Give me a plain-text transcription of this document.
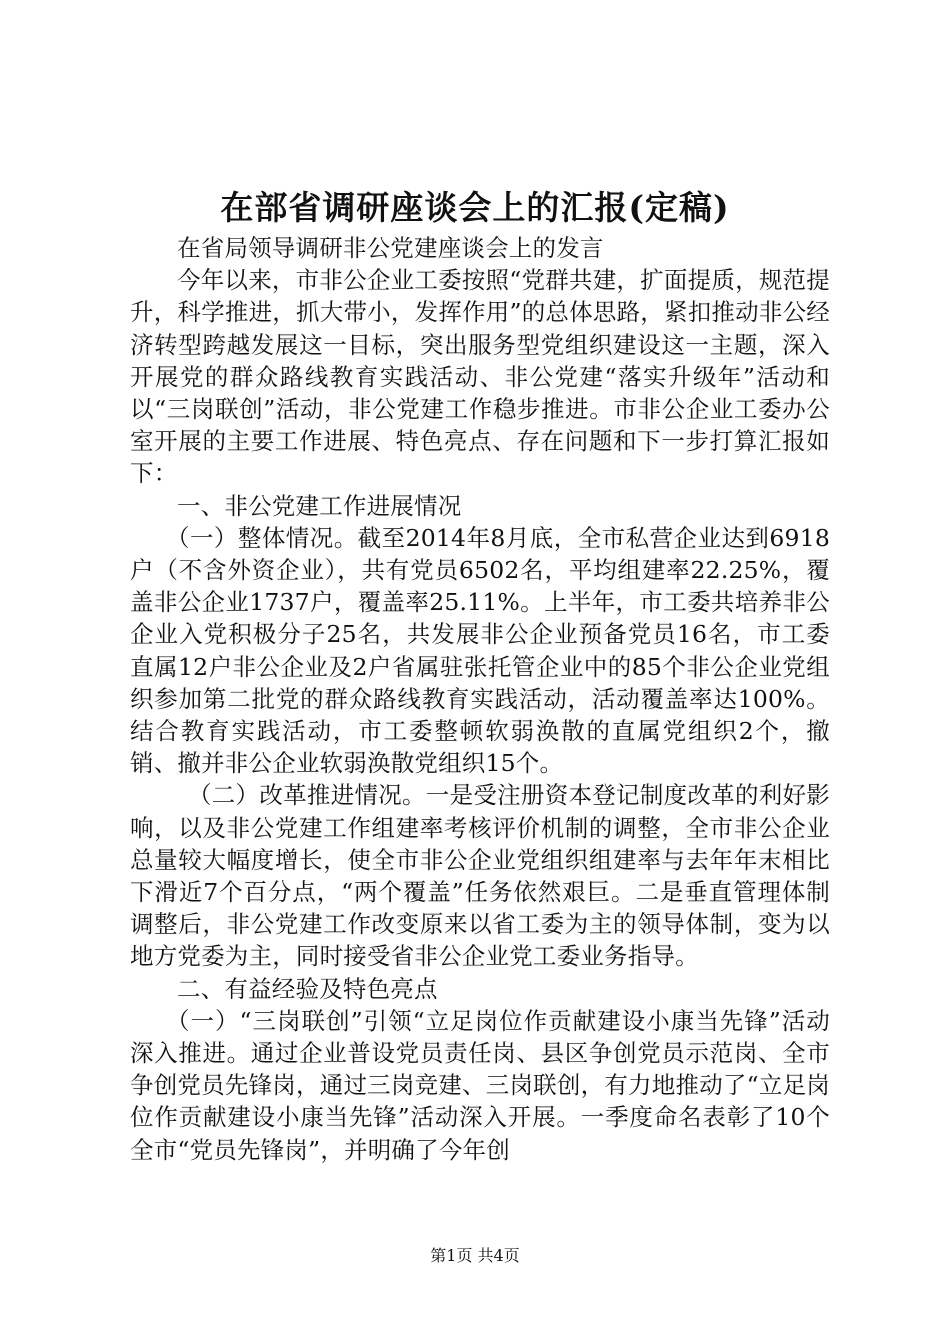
在部省调研座谈会上的汇报(定稿)

在省局领导调研非公党建座谈会上的发言

今年以来，市非公企业工委按照“党群共建，扩面提质，规范提升，科学推进，抓大带小，发挥作用”的总体思路，紧扣推动非公经济转型跨越发展这一目标，突出服务型党组织建设这一主题，深入开展党的群众路线教育实践活动、非公党建“落实升级年”活动和以“三岗联创”活动，非公党建工作稳步推进。市非公企业工委办公室开展的主要工作进展、特色亮点、存在问题和下一步打算汇报如下：

一、非公党建工作进展情况

（一）整体情况。截至2014年8月底，全市私营企业达到6918户（不含外资企业），共有党员6502名，平均组建率22.25%，覆盖非公企业1737户，覆盖率25.11%。上半年，市工委共培养非公企业入党积极分子25名，共发展非公企业预备党员16名，市工委直属12户非公企业及2户省属驻张托管企业中的85个非公企业党组织参加第二批党的群众路线教育实践活动，活动覆盖率达100%。结合教育实践活动，市工委整顿软弱涣散的直属党组织2个，撤销、撤并非公企业软弱涣散党组织15个。

（二）改革推进情况。一是受注册资本登记制度改革的利好影响，以及非公党建工作组建率考核评价机制的调整，全市非公企业总量较大幅度增长，使全市非公企业党组织组建率与去年年末相比下滑近7个百分点，“两个覆盖”任务依然艰巨。二是垂直管理体制调整后，非公党建工作改变原来以省工委为主的领导体制，变为以地方党委为主，同时接受省非公企业党工委业务指导。

二、有益经验及特色亮点

（一）“三岗联创”引领“立足岗位作贡献建设小康当先锋”活动深入推进。通过企业普设党员责任岗、县区争创党员示范岗、全市争创党员先锋岗，通过三岗竞建、三岗联创，有力地推动了“立足岗位作贡献建设小康当先锋”活动深入开展。一季度命名表彰了10个全市“党员先锋岗”，并明确了今年创

第1页 共4页
